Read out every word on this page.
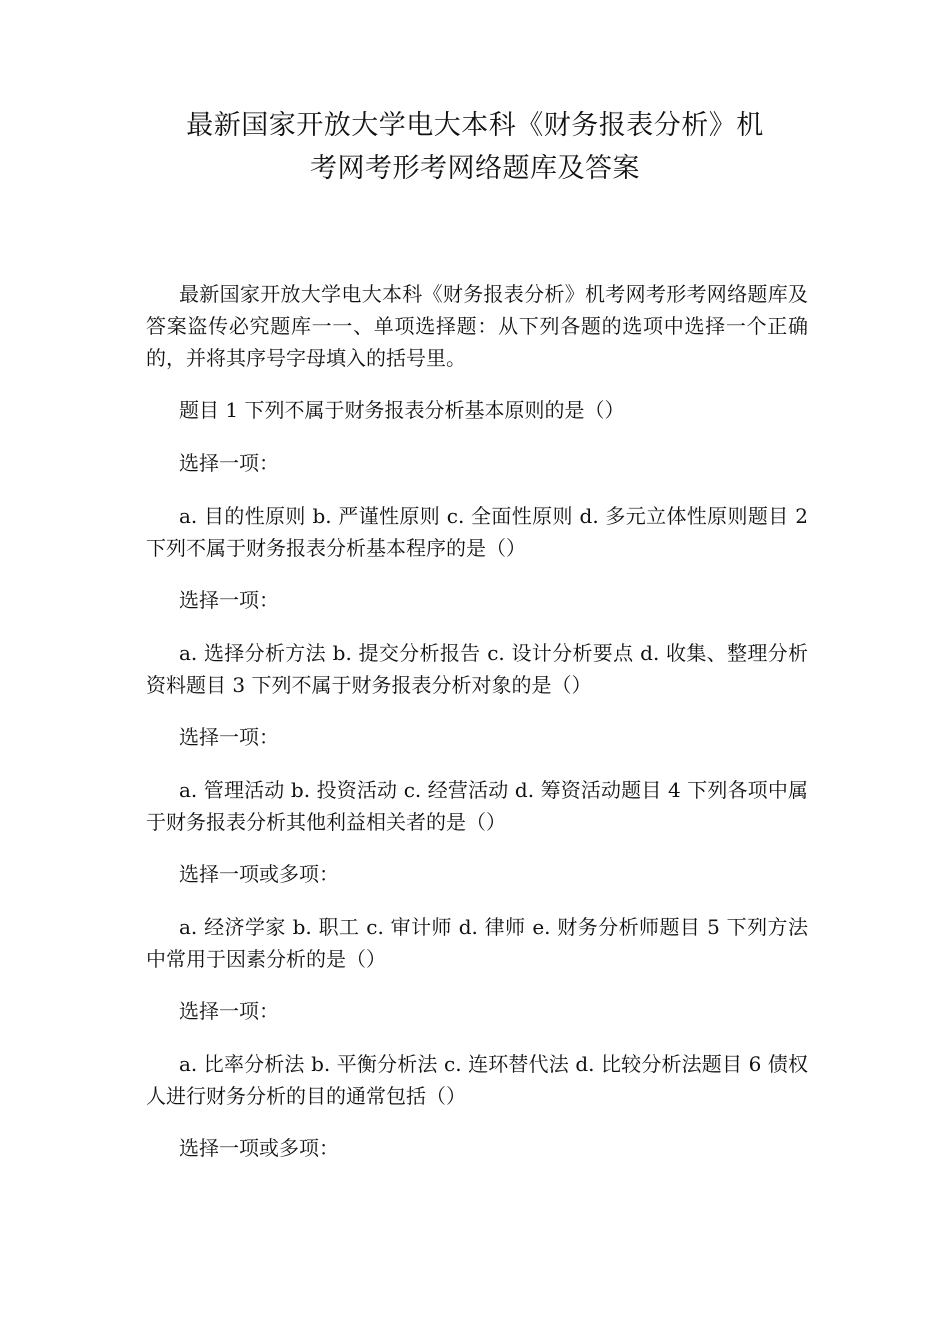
最新国家开放大学电大本科《财务报表分析》机
考网考形考网络题库及答案

最新国家开放大学电大本科《财务报表分析》机考网考形考网络题库及答案盗传必究题库一一、单项选择题：从下列各题的选项中选择一个正确的，并将其序号字母填入的括号里。

题目 1 下列不属于财务报表分析基本原则的是（）

选择一项：

a. 目的性原则 b. 严谨性原则 c. 全面性原则 d. 多元立体性原则题目 2 下列不属于财务报表分析基本程序的是（）

选择一项：

a. 选择分析方法 b. 提交分析报告 c. 设计分析要点 d. 收集、整理分析资料题目 3 下列不属于财务报表分析对象的是（）

选择一项：

a. 管理活动 b. 投资活动 c. 经营活动 d. 筹资活动题目 4 下列各项中属于财务报表分析其他利益相关者的是（）

选择一项或多项：

a. 经济学家 b. 职工 c. 审计师 d. 律师 e. 财务分析师题目 5 下列方法中常用于因素分析的是（）

选择一项：

a. 比率分析法 b. 平衡分析法 c. 连环替代法 d. 比较分析法题目 6 债权人进行财务分析的目的通常包括（）

选择一项或多项：
